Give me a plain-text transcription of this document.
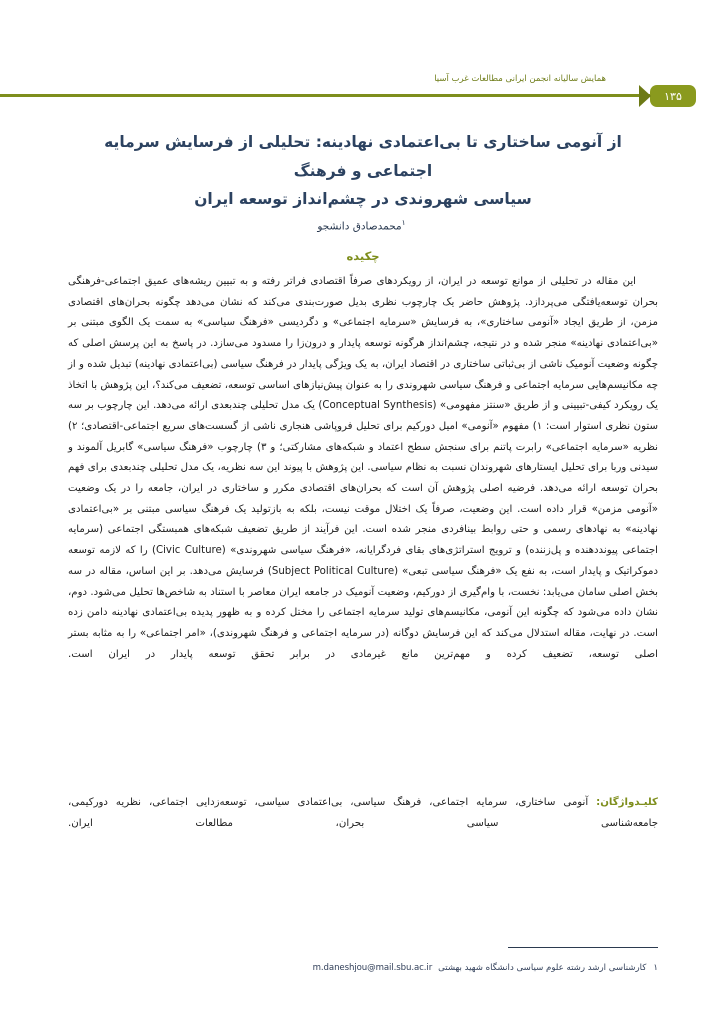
همایش سالیانه انجمن ایرانی مطالعات غرب آسیا
۱۳۵
از آنومی ساختاری تا بی‌اعتمادی نهادینه: تحلیلی از فرسایش سرمایه اجتماعی و فرهنگ
سیاسی شهروندی در چشم‌انداز توسعه ایران
$^۱$محمدصادق دانشجو
چکیده
این مقاله در تحلیلی از موانع توسعه در ایران، از رویکردهای صرفاً اقتصادی فراتر رفته و به تبیین ریشه‌های عمیق اجتماعی-فرهنگی بحران توسعه‌یافتگی می‌پردازد. پژوهش حاضر یک چارچوب نظری بدیل صورت‌بندی می‌کند که نشان می‌دهد چگونه بحران‌های اقتصادی مزمن، از طریق ایجاد «آنومی ساختاری»، به فرسایش «سرمایه اجتماعی» و دگردیسی «فرهنگ سیاسی» به سمت یک الگوی مبتنی بر «بی‌اعتمادی نهادینه» منجر شده و در نتیجه، چشم‌انداز هرگونه توسعه پایدار و درون‌زا را مسدود می‌سازد. در پاسخ به این پرسش اصلی که چگونه وضعیت آنومیک ناشی از بی‌ثباتی ساختاری در اقتصاد ایران، به یک ویژگی پایدار در فرهنگ سیاسی (بی‌اعتمادی نهادینه) تبدیل شده و از چه مکانیسم‌هایی سرمایه اجتماعی و فرهنگ سیاسی شهروندی را به عنوان پیش‌نیازهای اساسی توسعه، تضعیف می‌کند؟، این پژوهش با اتخاذ یک رویکرد کیفی-تبیینی و از طریق «سنتز مفهومی» (Conceptual Synthesis) یک مدل تحلیلی چندبعدی ارائه می‌دهد. این چارچوب بر سه ستون نظری استوار است: ۱) مفهوم «آنومی» امیل دورکیم برای تحلیل فروپاشی هنجاری ناشی از گسست‌های سریع اجتماعی-اقتصادی؛ ۲) نظریه «سرمایه اجتماعی» رابرت پاتنم برای سنجش سطح اعتماد و شبکه‌های مشارکتی؛ و ۳) چارچوب «فرهنگ سیاسی» گابریل آلموند و سیدنی وربا برای تحلیل ایستارهای شهروندان نسبت به نظام سیاسی. این پژوهش با پیوند این سه نظریه، یک مدل تحلیلی چندبعدی برای فهم بحران توسعه ارائه می‌دهد. فرضیه اصلی پژوهش آن است که بحران‌های اقتصادی مکرر و ساختاری در ایران، جامعه را در یک وضعیت «آنومی مزمن» قرار داده است. این وضعیت، صرفاً یک اختلال موقت نیست، بلکه به بازتولید یک فرهنگ سیاسی مبتنی بر «بی‌اعتمادی نهادینه» به نهادهای رسمی و حتی روابط بینافردی منجر شده است. این فرآیند از طریق تضعیف شبکه‌های همبستگی اجتماعی (سرمایه اجتماعی پیونددهنده و پل‌زننده) و ترویج استراتژی‌های بقای فردگرایانه، «فرهنگ سیاسی شهروندی» (Civic Culture) را که لازمه توسعه دموکراتیک و پایدار است، به نفع یک «فرهنگ سیاسی تبعی» (Subject Political Culture) فرسایش می‌دهد. بر این اساس، مقاله در سه بخش اصلی سامان می‌یابد: نخست، با وام‌گیری از دورکیم، وضعیت آنومیک در جامعه ایران معاصر با استناد به شاخص‌ها تحلیل می‌شود. دوم، نشان داده می‌شود که چگونه این آنومی، مکانیسم‌های تولید سرمایه اجتماعی را مختل کرده و به ظهور پدیده بی‌اعتمادی نهادینه دامن زده است. در نهایت، مقاله استدلال می‌کند که این فرسایش دوگانه (در سرمایه اجتماعی و فرهنگ شهروندی)، «امر اجتماعی» را به مثابه بستر اصلی توسعه، تضعیف کرده و مهم‌ترین مانع غیرمادی در برابر تحقق توسعه پایدار در ایران است.
کلیـدواژگان: آنومی ساختاری، سرمایه اجتماعی، فرهنگ سیاسی، بی‌اعتمادی سیاسی، توسعه‌زدایی اجتماعی، نظریه دورکیمی، جامعه‌شناسی سیاسی بحران، مطالعات ایران.
۱کارشناسی ارشد رشته علوم سیاسی دانشگاه شهید بهشتیm.daneshjou@mail.sbu.ac.ir
